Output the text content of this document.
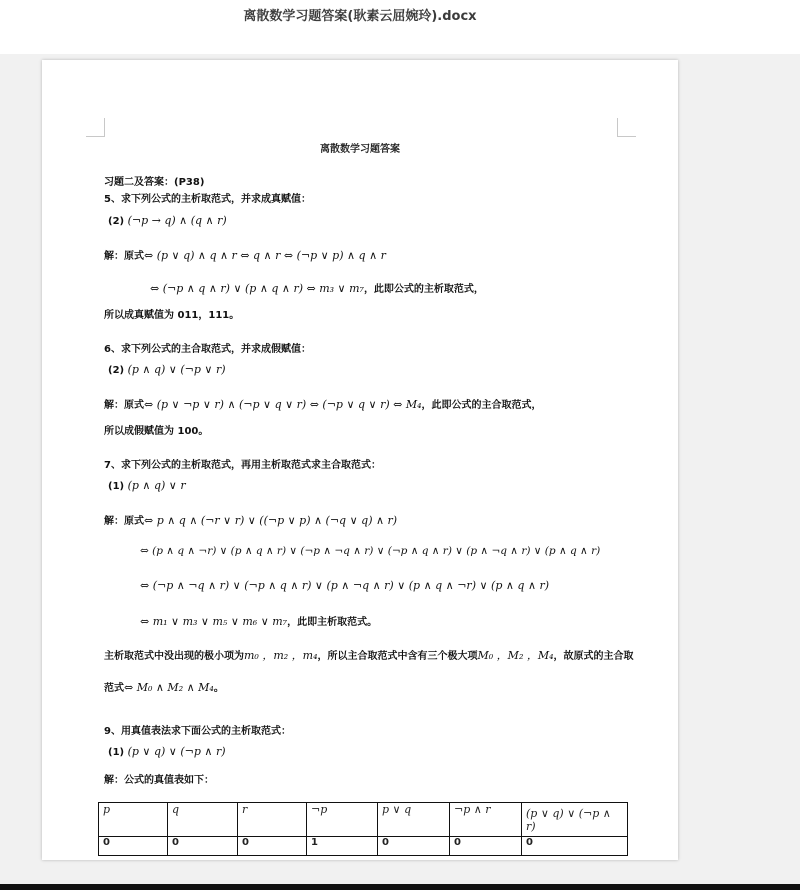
离散数学习题答案(耿素云屈婉玲).docx
离散数学习题答案
习题二及答案：(P38)
5、求下列公式的主析取范式，并求成真赋值：
(2) (¬p → q) ∧ (q ∧ r)
解：原式⇔ (p ∨ q) ∧ q ∧ r ⇔ q ∧ r ⇔ (¬p ∨ p) ∧ q ∧ r
⇔ (¬p ∧ q ∧ r) ∨ (p ∧ q ∧ r) ⇔ m₃ ∨ m₇，此即公式的主析取范式，
所以成真赋值为 011，111。
6、求下列公式的主合取范式，并求成假赋值：
(2) (p ∧ q) ∨ (¬p ∨ r)
解：原式⇔ (p ∨ ¬p ∨ r) ∧ (¬p ∨ q ∨ r) ⇔ (¬p ∨ q ∨ r) ⇔ M₄，此即公式的主合取范式，
所以成假赋值为 100。
7、求下列公式的主析取范式，再用主析取范式求主合取范式：
(1) (p ∧ q) ∨ r
解：原式⇔ p ∧ q ∧ (¬r ∨ r) ∨ ((¬p ∨ p) ∧ (¬q ∨ q) ∧ r)
⇔ (p ∧ q ∧ ¬r) ∨ (p ∧ q ∧ r) ∨ (¬p ∧ ¬q ∧ r) ∨ (¬p ∧ q ∧ r) ∨ (p ∧ ¬q ∧ r) ∨ (p ∧ q ∧ r)
⇔ (¬p ∧ ¬q ∧ r) ∨ (¬p ∧ q ∧ r) ∨ (p ∧ ¬q ∧ r) ∨ (p ∧ q ∧ ¬r) ∨ (p ∧ q ∧ r)
⇔ m₁ ∨ m₃ ∨ m₅ ∨ m₆ ∨ m₇，此即主析取范式。
主析取范式中没出现的极小项为m₀ ，m₂ ，m₄，所以主合取范式中含有三个极大项M₀ ，M₂ ，M₄，故原式的主合取
范式⇔ M₀ ∧ M₂ ∧ M₄。
9、用真值表法求下面公式的主析取范式：
(1) (p ∨ q) ∨ (¬p ∧ r)
解：公式的真值表如下：
p	q	r	¬p	p ∨ q	¬p ∧ r	(p ∨ q) ∨ (¬p ∧ r)
0	0	0	1	0	0	0
